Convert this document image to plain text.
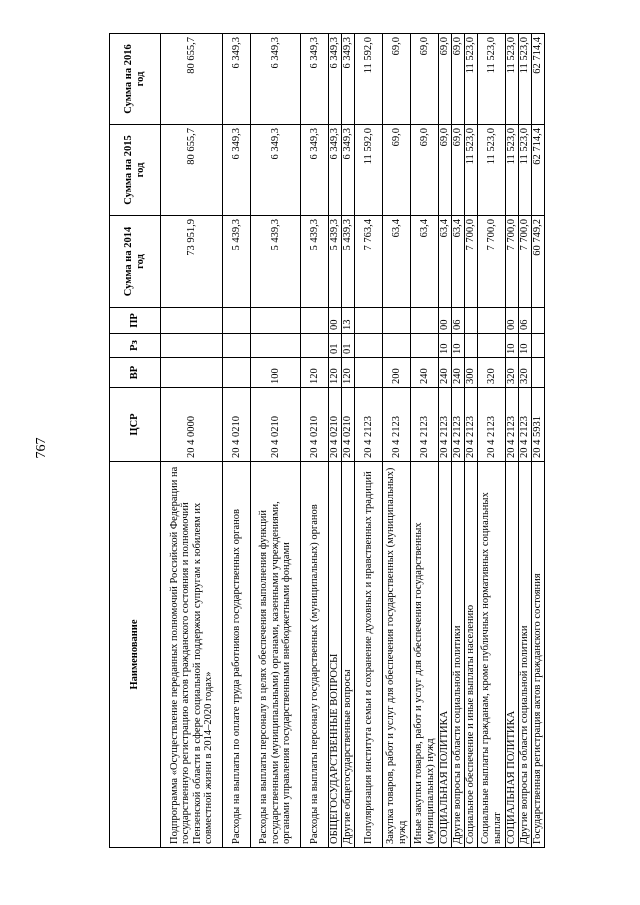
767
Наименование	ЦСР	ВР	Рз	ПР	Сумма на 2014 год	Сумма на 2015 год	Сумма на 2016 год
Подпрограмма «Осуществление переданных полномочий Российской Федерации на государственную регистрацию актов гражданского состояния и полномочий Пензенской области в сфере социальной поддержки супругам к юбилеям их совместной жизни в 2014–2020 годах»	20 4 0000				73 951,9	80 655,7	80 655,7
Расходы на выплаты по оплате труда работников государственных органов	20 4 0210				5 439,3	6 349,3	6 349,3
Расходы на выплаты персоналу в целях обеспечения выполнения функций государственными (муниципальными) органами, казенными учреждениями, органами управления государственными внебюджетными фондами	20 4 0210	100			5 439,3	6 349,3	6 349,3
Расходы на выплаты персоналу государственных (муниципальных) органов	20 4 0210	120			5 439,3	6 349,3	6 349,3
ОБЩЕГОСУДАРСТВЕННЫЕ ВОПРОСЫ	20 4 0210	120	01	00	5 439,3	6 349,3	6 349,3
Другие общегосударственные вопросы	20 4 0210	120	01	13	5 439,3	6 349,3	6 349,3
Популяризация института семьи и сохранение духовных и нравственных традиций	20 4 2123				7 763,4	11 592,0	11 592,0
Закупка товаров, работ и услуг для обеспечения государственных (муниципальных) нужд	20 4 2123	200			63,4	69,0	69,0
Иные закупки товаров, работ и услуг для обеспечения государственных (муниципальных) нужд	20 4 2123	240			63,4	69,0	69,0
СОЦИАЛЬНАЯ ПОЛИТИКА	20 4 2123	240	10	00	63,4	69,0	69,0
Другие вопросы в области социальной политики	20 4 2123	240	10	06	63,4	69,0	69,0
Социальное обеспечение и иные выплаты населению	20 4 2123	300			7 700,0	11 523,0	11 523,0
Социальные выплаты гражданам, кроме публичных нормативных социальных выплат	20 4 2123	320			7 700,0	11 523,0	11 523,0
СОЦИАЛЬНАЯ ПОЛИТИКА	20 4 2123	320	10	00	7 700,0	11 523,0	11 523,0
Другие вопросы в области социальной политики	20 4 2123	320	10	06	7 700,0	11 523,0	11 523,0
Государственная регистрация актов гражданского состояния	20 4 5931				60 749,2	62 714,4	62 714,4
